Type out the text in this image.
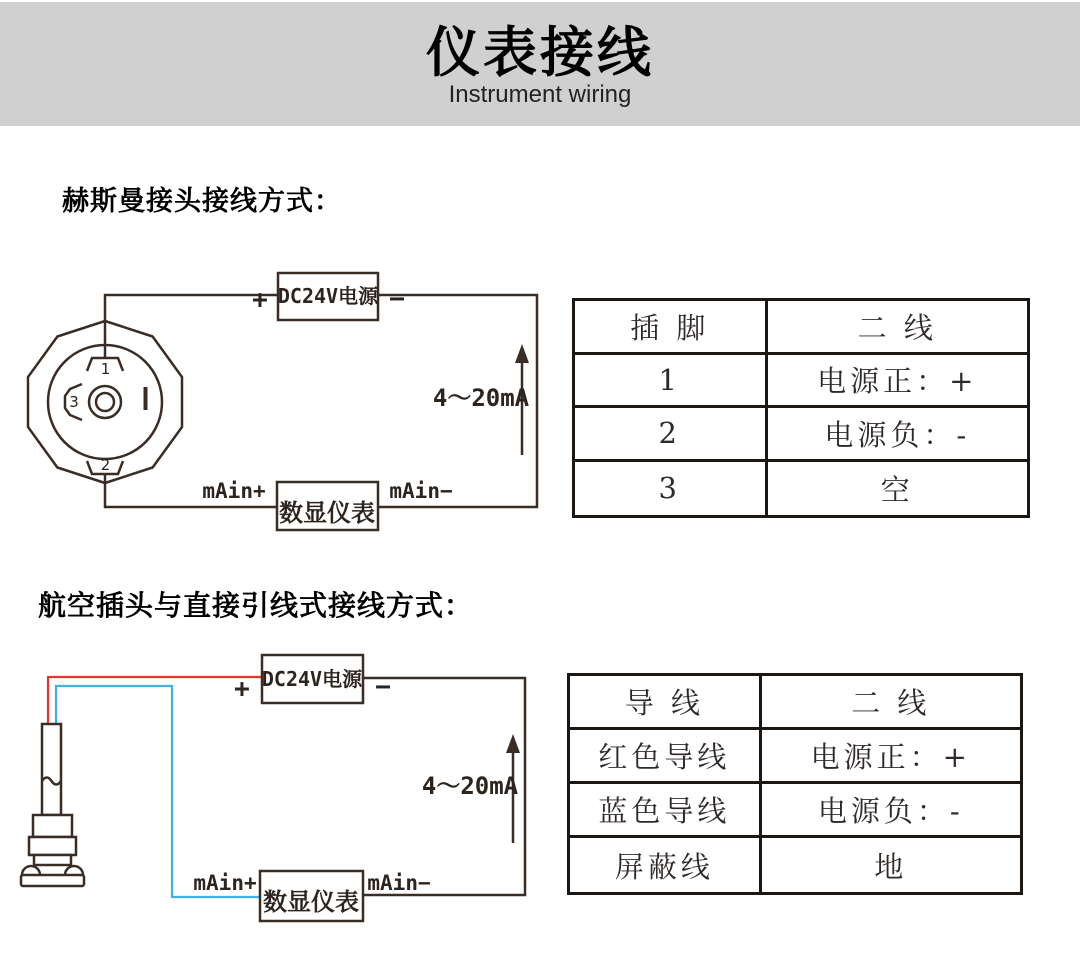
仪表接线
Instrument wiring
赫斯曼接头接线方式：
航空插头与直接引线式接线方式：
1
2
3
+	−
DC24V电源
mAin+	mAin−
数显仪表
4～20mA
+	−
DC24V电源
mAin+	mAin−
数显仪表
4～20mA
插 脚	二 线
1	电源正：+
2	电源负：-
3	空
导 线	二 线
红色导线	电源正：+
蓝色导线	电源负：-
屏蔽线	地
